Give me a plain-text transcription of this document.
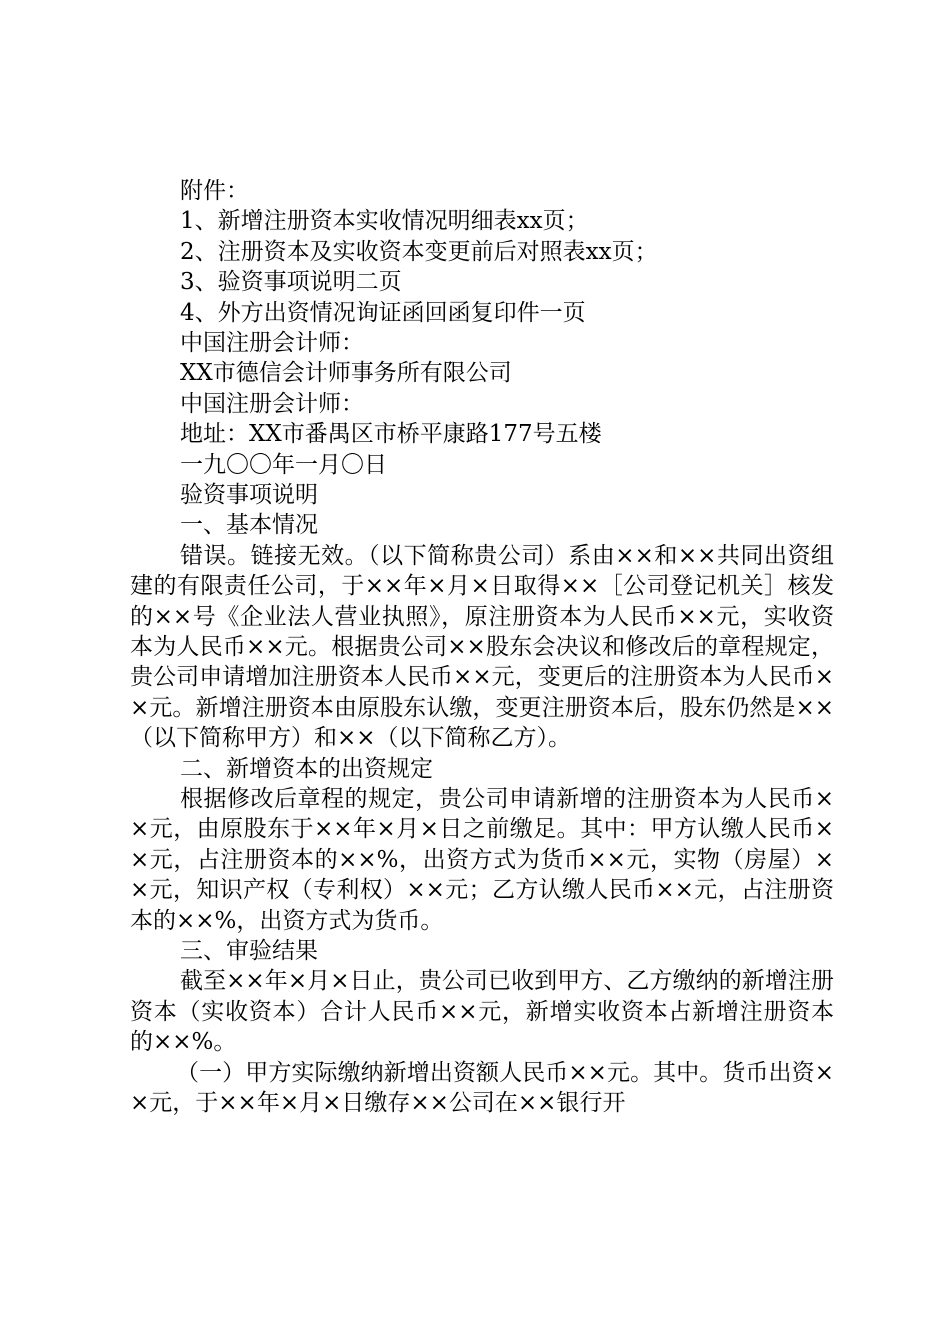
附件：
1、新增注册资本实收情况明细表xx页；
2、注册资本及实收资本变更前后对照表xx页；
3、验资事项说明二页
4、外方出资情况询证函回函复印件一页
中国注册会计师：
XX市德信会计师事务所有限公司
中国注册会计师：
地址：XX市番禺区市桥平康路177号五楼
一九〇〇年一月〇日
验资事项说明
一、基本情况

错误。链接无效。（以下简称贵公司）系由××和××共同出资组建的有限责任公司，于××年×月×日取得××［公司登记机关］核发的××号《企业法人营业执照》，原注册资本为人民币××元，实收资本为人民币××元。根据贵公司××股东会决议和修改后的章程规定，贵公司申请增加注册资本人民币××元，变更后的注册资本为人民币××元。新增注册资本由原股东认缴，变更注册资本后，股东仍然是××（以下简称甲方）和××（以下简称乙方）。

二、新增资本的出资规定

根据修改后章程的规定，贵公司申请新增的注册资本为人民币××元，由原股东于××年×月×日之前缴足。其中：甲方认缴人民币××元，占注册资本的××%，出资方式为货币××元，实物（房屋）××元，知识产权（专利权）××元；乙方认缴人民币××元，占注册资本的××%，出资方式为货币。

三、审验结果

截至××年×月×日止，贵公司已收到甲方、乙方缴纳的新增注册资本（实收资本）合计人民币××元，新增实收资本占新增注册资本的××%。

（一）甲方实际缴纳新增出资额人民币××元。其中。货币出资××元，于××年×月×日缴存××公司在××银行开
